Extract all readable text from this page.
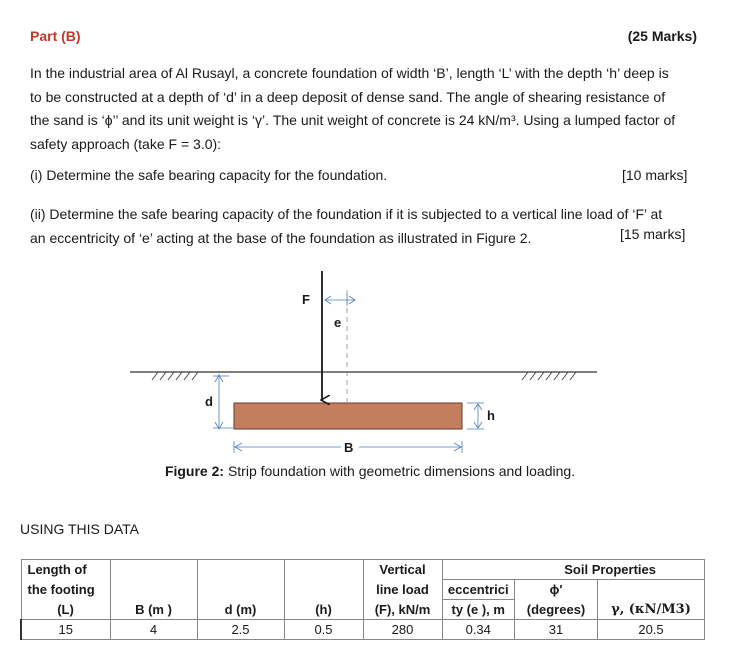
Part (B)	(25 Marks)
In the industrial area of Al Rusayl, a concrete foundation of width ‘B’, length ‘L’ with the depth ‘h’ deep is
to be constructed at a depth of ‘d’ in a deep deposit of dense sand. The angle of shearing resistance of
the sand is ‘ϕ’’ and its unit weight is ‘γ’. The unit weight of concrete is 24 kN/m³. Using a lumped factor of
safety approach (take F = 3.0):
(i) Determine the safe bearing capacity for the foundation.	[10 marks]
(ii) Determine the safe bearing capacity of the foundation if it is subjected to a vertical line load of ‘F’ at
an eccentricity of ‘e’ acting at the base of the foundation as illustrated in Figure 2.	[15 marks]
F
e
d
h
B
Figure 2: Strip foundation with geometric dimensions and loading.
USING THIS DATA
Length of				Vertical		Soil Properties	
the footing				line load	eccentrici	ϕ'	
(L)	B (m )	d (m)	(h)	(F), kN/m	ty (e ), m	(degrees)	γ, (κN/M3)
15	4	2.5	0.5	280	0.34	31	20.5
